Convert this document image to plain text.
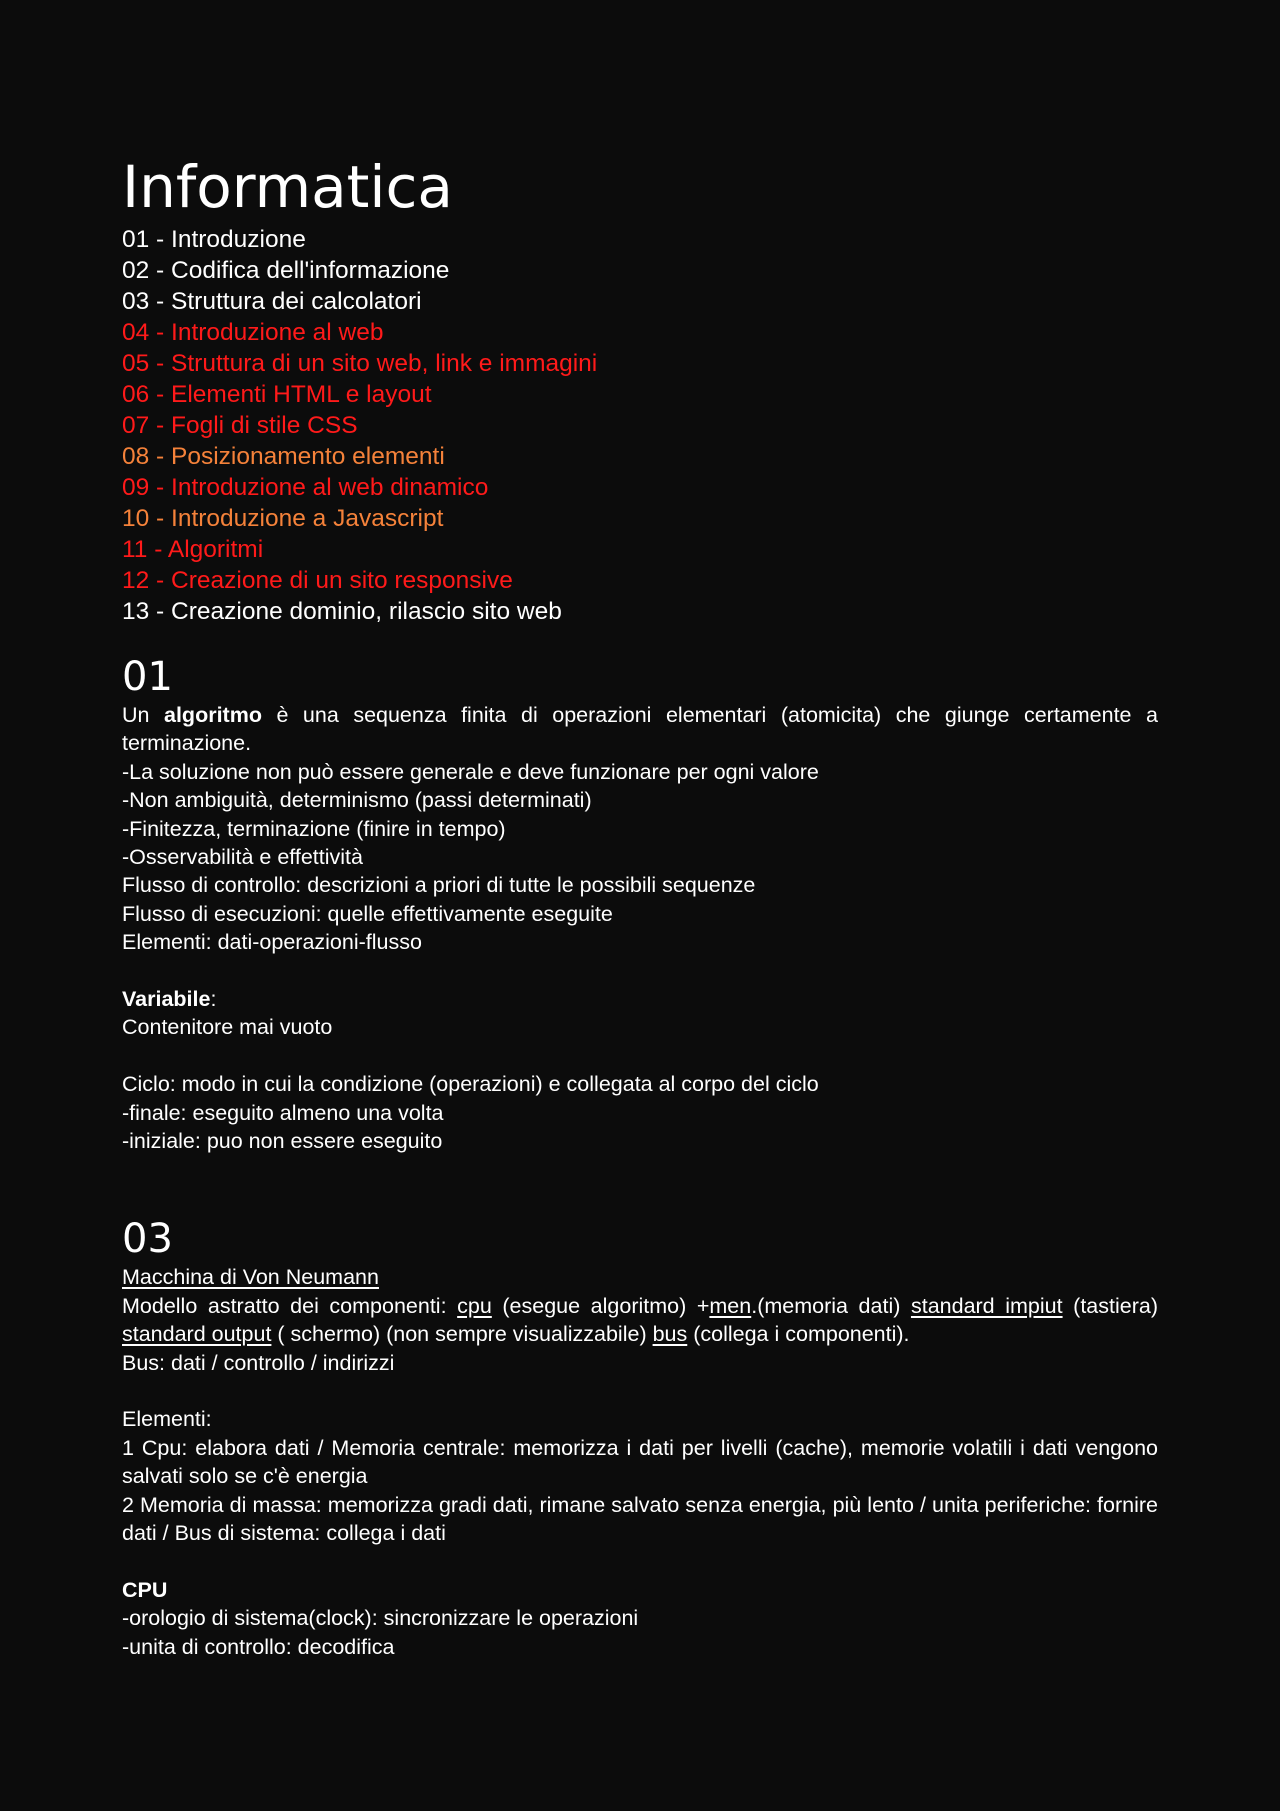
Informatica
01 - Introduzione
02 - Codifica dell'informazione
03 - Struttura dei calcolatori
04 - Introduzione al web
05 - Struttura di un sito web, link e immagini
06 - Elementi HTML e layout
07 - Fogli di stile CSS
08 - Posizionamento elementi
09 - Introduzione al web dinamico
10 - Introduzione a Javascript
11 - Algoritmi
12 - Creazione di un sito responsive
13 - Creazione dominio, rilascio sito web
01

Un algoritmo è una sequenza finita di operazioni elementari (atomicita) che giunge certamente a terminazione.

-La soluzione non può essere generale e deve funzionare per ogni valore
-Non ambiguità, determinismo (passi determinati)
-Finitezza, terminazione (finire in tempo)
-Osservabilità e effettività
Flusso di controllo: descrizioni a priori di tutte le possibili sequenze
Flusso di esecuzioni: quelle effettivamente eseguite
Elementi: dati-operazioni-flusso
Variabile:
Contenitore mai vuoto
Ciclo: modo in cui la condizione (operazioni) e collegata al corpo del ciclo
-finale: eseguito almeno una volta
-iniziale: puo non essere eseguito
03
Macchina di Von Neumann

Modello astratto dei componenti: cpu (esegue algoritmo) +men.(memoria dati) standard impiut (tastiera) standard output ( schermo) (non sempre visualizzabile) bus (collega i componenti).

Bus: dati / controllo / indirizzi
Elementi:

1 Cpu: elabora dati / Memoria centrale: memorizza i dati per livelli (cache), memorie volatili i dati vengono salvati solo se c'è energia

2 Memoria di massa: memorizza gradi dati, rimane salvato senza energia, più lento / unita periferiche: fornire dati / Bus di sistema: collega i dati

CPU
-orologio di sistema(clock): sincronizzare le operazioni
-unita di controllo: decodifica
